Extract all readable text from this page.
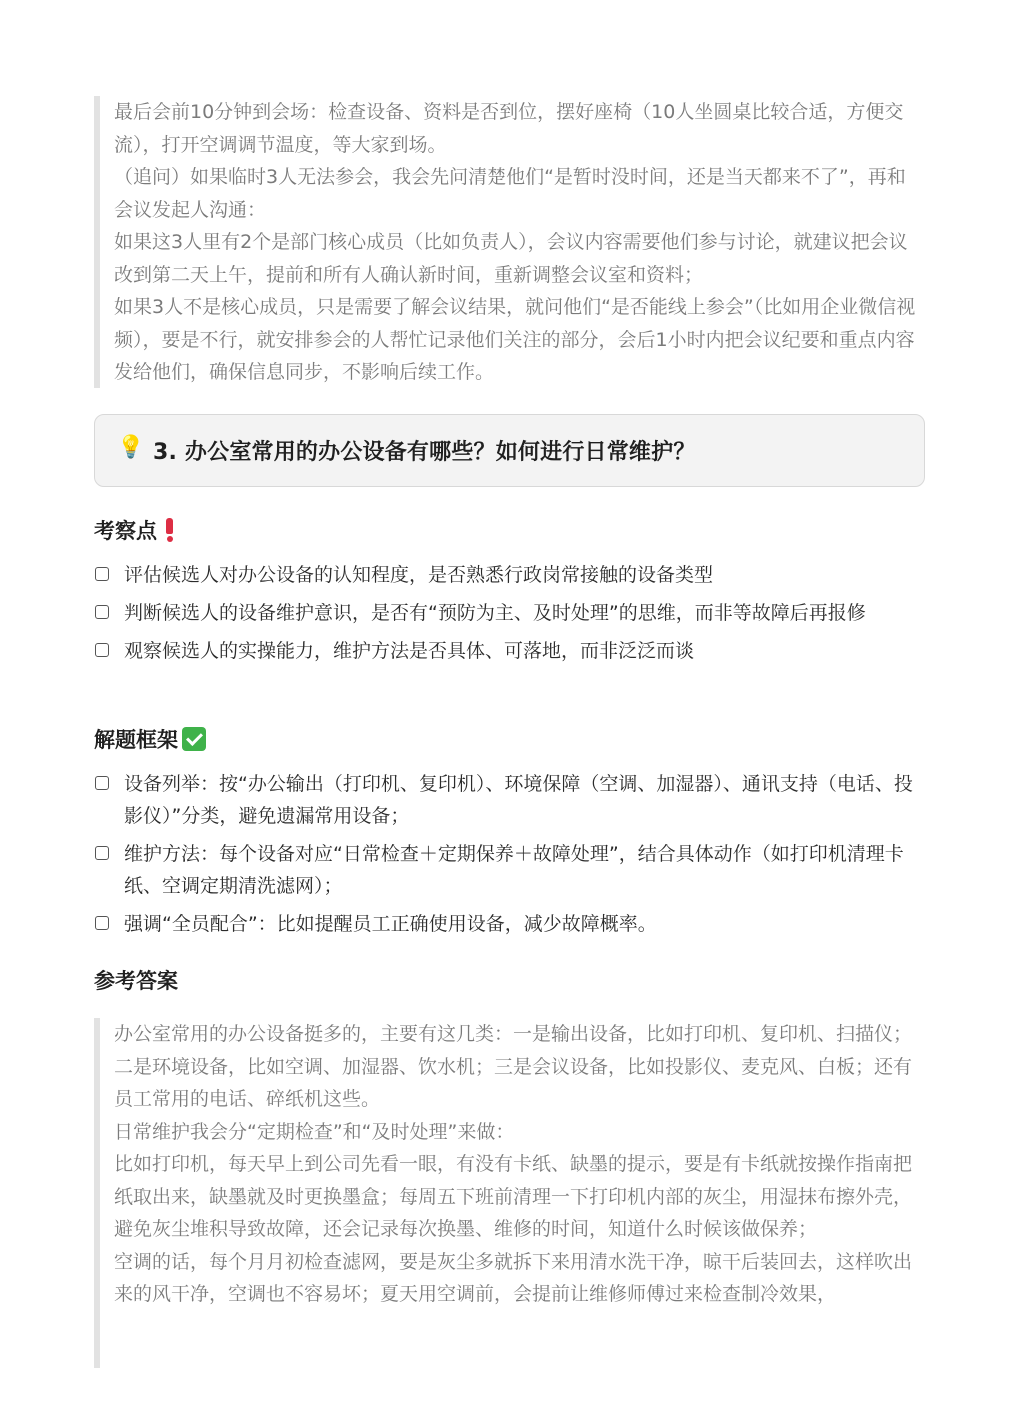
最后会前10分钟到会场：检查设备、资料是否到位，摆好座椅（10人坐圆桌比较合适，方便交流），打开空调调节温度，等大家到场。

（追问）如果临时3人无法参会，我会先问清楚他们“是暂时没时间，还是当天都来不了”，再和会议发起人沟通：

如果这3人里有2个是部门核心成员（比如负责人），会议内容需要他们参与讨论，就建议把会议改到第二天上午，提前和所有人确认新时间，重新调整会议室和资料；

如果3人不是核心成员，只是需要了解会议结果，就问他们“是否能线上参会”（比如用企业微信视频），要是不行，就安排参会的人帮忙记录他们关注的部分，会后1小时内把会议纪要和重点内容发给他们，确保信息同步，不影响后续工作。

💡 3. 办公室常用的办公设备有哪些？如何进行日常维护？
考察点
评估候选人对办公设备的认知程度，是否熟悉行政岗常接触的设备类型
判断候选人的设备维护意识，是否有“预防为主、及时处理”的思维，而非等故障后再报修
观察候选人的实操能力，维护方法是否具体、可落地，而非泛泛而谈
解题框架
设备列举：按“办公输出（打印机、复印机）、环境保障（空调、加湿器）、通讯支持（电话、投影仪）”分类，避免遗漏常用设备；
维护方法：每个设备对应“日常检查＋定期保养＋故障处理”，结合具体动作（如打印机清理卡纸、空调定期清洗滤网）；
强调“全员配合”：比如提醒员工正确使用设备，减少故障概率。
参考答案

办公室常用的办公设备挺多的，主要有这几类：一是输出设备，比如打印机、复印机、扫描仪；二是环境设备，比如空调、加湿器、饮水机；三是会议设备，比如投影仪、麦克风、白板；还有员工常用的电话、碎纸机这些。

日常维护我会分“定期检查”和“及时处理”来做：

比如打印机，每天早上到公司先看一眼，有没有卡纸、缺墨的提示，要是有卡纸就按操作指南把纸取出来，缺墨就及时更换墨盒；每周五下班前清理一下打印机内部的灰尘，用湿抹布擦外壳，避免灰尘堆积导致故障，还会记录每次换墨、维修的时间，知道什么时候该做保养；

空调的话，每个月月初检查滤网，要是灰尘多就拆下来用清水洗干净，晾干后装回去，这样吹出来的风干净，空调也不容易坏；夏天用空调前，会提前让维修师傅过来检查制冷效果，
